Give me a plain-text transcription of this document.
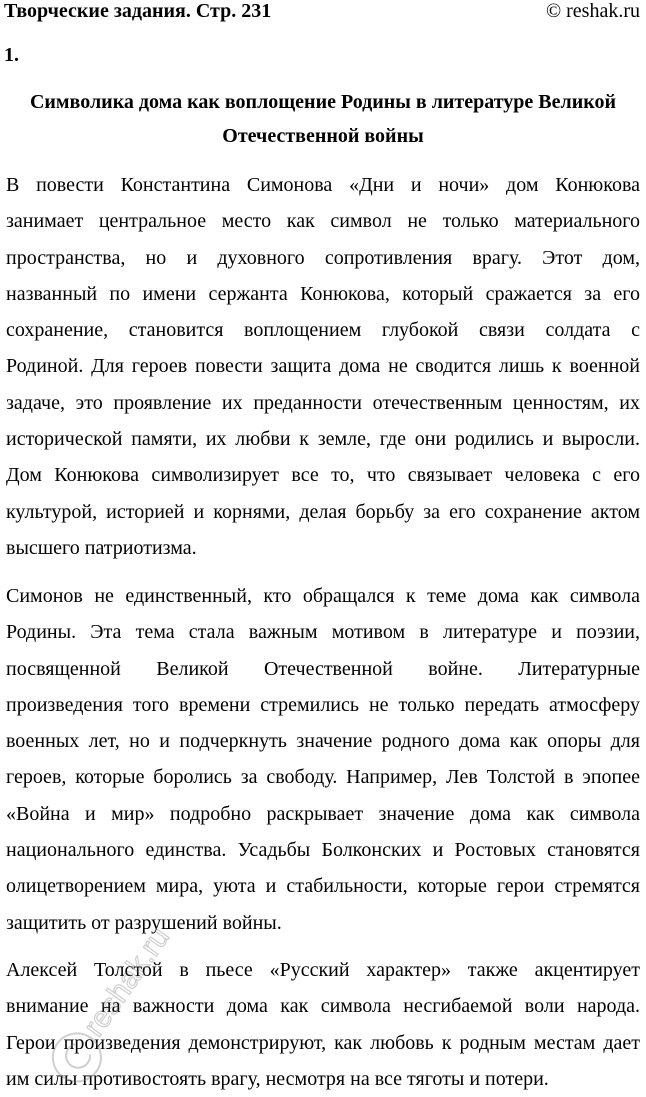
Творческие задания. Стр. 231	© reshak.ru
1.
Символика дома как воплощение Родины в литературе Великой
Отечественной войны
В повести Константина Симонова «Дни и ночи» дом Конюкова
занимает центральное место как символ не только материального
пространства, но и духовного сопротивления врагу. Этот дом,
названный по имени сержанта Конюкова, который сражается за его
сохранение, становится воплощением глубокой связи солдата с
Родиной. Для героев повести защита дома не сводится лишь к военной
задаче, это проявление их преданности отечественным ценностям, их
исторической памяти, их любви к земле, где они родились и выросли.
Дом Конюкова символизирует все то, что связывает человека с его
культурой, историей и корнями, делая борьбу за его сохранение актом
высшего патриотизма.
Симонов не единственный, кто обращался к теме дома как символа
Родины. Эта тема стала важным мотивом в литературе и поэзии,
посвященной Великой Отечественной войне. Литературные
произведения того времени стремились не только передать атмосферу
военных лет, но и подчеркнуть значение родного дома как опоры для
героев, которые боролись за свободу. Например, Лев Толстой в эпопее
«Война и мир» подробно раскрывает значение дома как символа
национального единства. Усадьбы Болконских и Ростовых становятся
олицетворением мира, уюта и стабильности, которые герои стремятся
защитить от разрушений войны.
Алексей Толстой в пьесе «Русский характер» также акцентирует
внимание на важности дома как символа несгибаемой воли народа.
Герои произведения демонстрируют, как любовь к родным местам дает
им силы противостоять врагу, несмотря на все тяготы и потери.
reshak.ru
